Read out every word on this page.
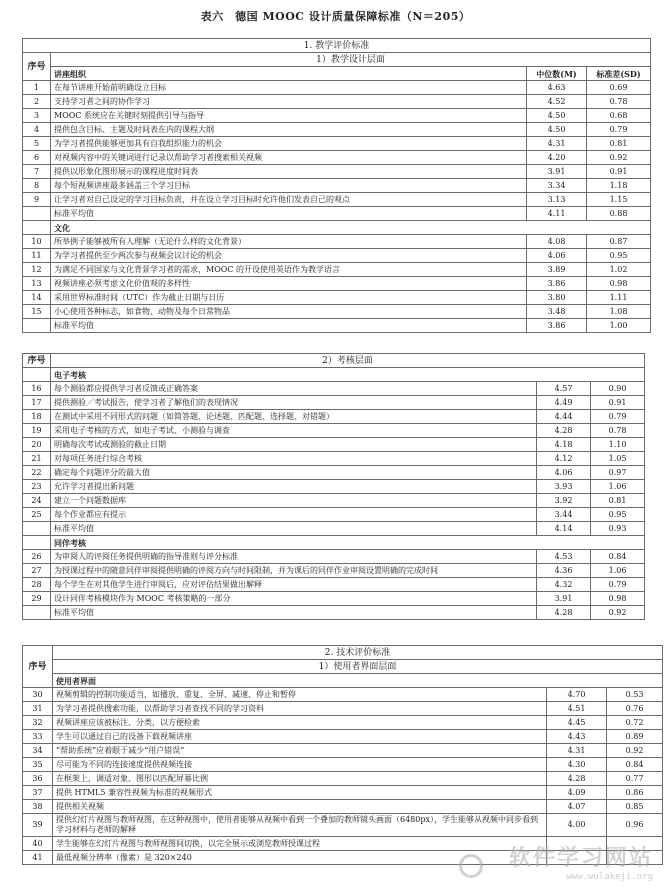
表六　德国 MOOC 设计质量保障标准（N＝205）
1. 教学评价标准			
序号	1）教学设计层面		
	讲座组织	中位数(M)	标准差(SD)
1	在每节讲座开始前明确设立目标	4.63	0.69
2	支持学习者之间的协作学习	4.52	0.78
3	MOOC 系统应在关键时刻提供引导与指导	4.50	0.68
4	提供包含目标、主题及时间表在内的课程大纲	4.50	0.79
5	为学习者提供能够更加具有自我组织能力的机会	4.31	0.81
6	对视频内容中的关键词进行记录以帮助学习者搜索相关视频	4.20	0.92
7	提供以形象化图形展示的课程进度时间表	3.91	0.91
8	每个短视频讲座最多涵盖三个学习目标	3.34	1.18
9	让学习者对自己设定的学习目标负责，并在设立学习目标时允许他们发表自己的观点	3.13	1.15
	标准平均值	4.11	0.88
	文化		
10	所举例子能够被所有人理解（无论什么样的文化背景）	4.08	0.87
11	为学习者提供至少两次参与视频会议讨论的机会	4.06	0.95
12	为满足不同国家与文化背景学习者的需求，MOOC 的开设使用英语作为教学语言	3.89	1.02
13	视频讲座必须考虑文化价值观的多样性	3.86	0.98
14	采用世界标准时间（UTC）作为截止日期与日历	3.80	1.11
15	小心使用各种标志，如食物、动物及每个日常物品	3.48	1.08
	标准平均值	3.86	1.00
序号	2）考核层面		
	电子考核		
16	每个测验都应提供学习者反馈或正确答案	4.57	0.90
17	提供测验／考试报告，使学习者了解他们的表现情况	4.49	0.91
18	在测试中采用不同形式的问题（如简答题、论述题、匹配题、选择题、对错题）	4.44	0.79
19	采用电子考核的方式，如电子考试、小测验与调查	4.28	0.78
20	明确每次考试或测验的截止日期	4.18	1.10
21	对每项任务进行综合考核	4.12	1.05
22	确定每个问题评分的最大值	4.06	0.97
23	允许学习者提出新问题	3.93	1.06
24	建立一个问题数据库	3.92	0.81
25	每个作业都应有提示	3.44	0.95
	标准平均值	4.14	0.93
	同伴考核		
26	为审阅人的评阅任务提供明确的指导准则与评分标准	4.53	0.84
27	为授课过程中的随意同伴审阅提供明确的评阅方向与时间限制，并为课后的同伴作业审阅设置明确的完成时间	4.36	1.06
28	每个学生在对其他学生进行审阅后，应对评估结果做出解释	4.32	0.79
29	设计同伴考核模块作为 MOOC 考核策略的一部分	3.91	0.98
	标准平均值	4.28	0.92
序号	2. 技术评价标准		
	1）使用者界面层面		
	使用者界面		
30	视频剪辑的控制功能适当，如播放、重复、全屏、减速、停止和暂停	4.70	0.53
31	为学习者提供搜索功能，以帮助学习者查找不同的学习资料	4.51	0.76
32	视频讲座应该被标注、分类，以方便检索	4.45	0.72
33	学生可以通过自己的设备下载视频讲座	4.43	0.89
34	“帮助系统”应着眼于减少“用户错误”	4.31	0.92
35	尽可能为不同的连接速度提供视频连接	4.30	0.84
36	在框架上，调适对象、图形以匹配屏幕比例	4.28	0.77
37	提供 HTML5 兼容性视频为标准的视频形式	4.09	0.86
38	提供相关视频	4.07	0.85
39	提供幻灯片视图与教师视图，在这种视图中，使用者能够从视频中看到一个叠加的教师镜头画面（6480px），学生能够从视频中同步看到学习材料与老师的解释	4.00	0.96
40	学生能够在幻灯片视图与教师视图间切换，以完全展示或浏览教师授课过程		
41	最低视频分辨率（像素）是 320×240			软件学习网站
www.wulakeji.org
